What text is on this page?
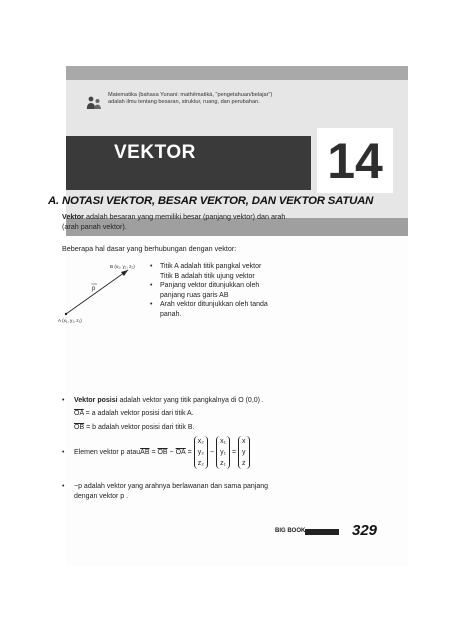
Matematika (bahasa Yunani: mathēmatiká, "pengetahuan/belajar")
adalah ilmu tentang besaran, struktur, ruang, dan perubahan.
VEKTOR	14
A. NOTASI VEKTOR, BESAR VEKTOR, DAN VEKTOR SATUAN
Vektor adalah besaran yang memiliki besar (panjang vektor) dan arah (arah panah vektor).
Beberapa hal dasar yang berhubungan dengan vektor:
B (x₂, y₂, z₂)
A (x₁, y₁, z₁)
p
• Titik A adalah titik pangkal vektor
Titik B adalah titik ujung vektor
• Panjang vektor ditunjukkan oleh
panjang ruas garis AB
• Arah vektor ditunjukkan oleh tanda
panah.
• Vektor posisi adalah vektor yang titik pangkalnya di O (0,0) .
$\overline{OA} = a$ adalah vektor posisi dari titik A.
$\overline{OB} = b$ adalah vektor posisi dari titik B.
•	Elemen vektor p atau $\overline{AB} = \overline{OB} - \overline{OA}$ =
x₂
y₂
z₂
−
x₁
y₁
z₁
=
x
y
z
• −p adalah vektor yang arahnya berlawanan dan sama panjang
dengan vektor p .
BIG BOOK	329
